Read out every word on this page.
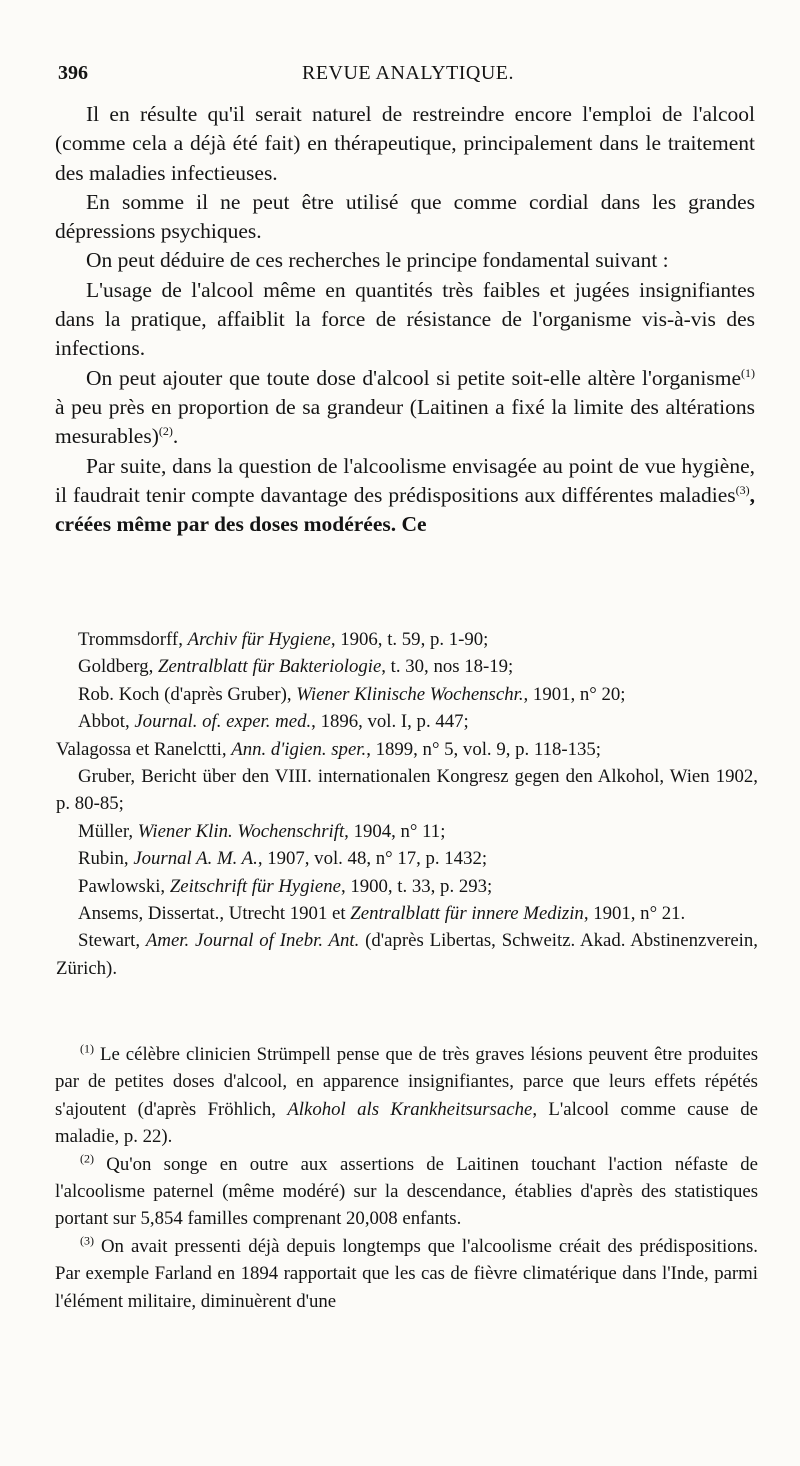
396	REVUE ANALYTIQUE.

Il en résulte qu'il serait naturel de restreindre encore l'emploi de l'alcool (comme cela a déjà été fait) en thérapeutique, principalement dans le traitement des maladies infectieuses.

En somme il ne peut être utilisé que comme cordial dans les grandes dépressions psychiques.

On peut déduire de ces recherches le principe fondamental suivant :

L'usage de l'alcool même en quantités très faibles et jugées insignifiantes dans la pratique, affaiblit la force de résistance de l'organisme vis-à-vis des infections.

On peut ajouter que toute dose d'alcool si petite soit-elle altère l'organisme$^{(1)}$ à peu près en proportion de sa grandeur (Laitinen a fixé la limite des altérations mesurables)$^{(2)}$.

Par suite, dans la question de l'alcoolisme envisagée au point de vue hygiène, il faudrait tenir compte davantage des prédispositions aux différentes maladies$^{(3)}$, créées même par des doses modérées. Ce

Trommsdorff, Archiv für Hygiene, 1906, t. 59, p. 1-90;

Goldberg, Zentralblatt für Bakteriologie, t. 30, nos 18-19;

Rob. Koch (d'après Gruber), Wiener Klinische Wochenschr., 1901, n° 20;

Abbot, Journal. of. exper. med., 1896, vol. I, p. 447;

Valagossa et Ranelctti, Ann. d'igien. sper., 1899, n° 5, vol. 9, p. 118-135;

Gruber, Bericht über den VIII. internationalen Kongresz gegen den Alkohol, Wien 1902, p. 80-85;

Müller, Wiener Klin. Wochenschrift, 1904, n° 11;

Rubin, Journal A. M. A., 1907, vol. 48, n° 17, p. 1432;

Pawlowski, Zeitschrift für Hygiene, 1900, t. 33, p. 293;

Ansems, Dissertat., Utrecht 1901 et Zentralblatt für innere Medizin, 1901, n° 21.

Stewart, Amer. Journal of Inebr. Ant. (d'après Libertas, Schweitz. Akad. Abstinenzverein, Zürich).

$^{(1)}$ Le célèbre clinicien Strümpell pense que de très graves lésions peuvent être produites par de petites doses d'alcool, en apparence insignifiantes, parce que leurs effets répétés s'ajoutent (d'après Fröhlich, Alkohol als Krankheitsursache, L'alcool comme cause de maladie, p. 22).

$^{(2)}$ Qu'on songe en outre aux assertions de Laitinen touchant l'action néfaste de l'alcoolisme paternel (même modéré) sur la descendance, établies d'après des statistiques portant sur 5,854 familles comprenant 20,008 enfants.

$^{(3)}$ On avait pressenti déjà depuis longtemps que l'alcoolisme créait des prédispositions. Par exemple Farland en 1894 rapportait que les cas de fièvre climatérique dans l'Inde, parmi l'élément militaire, diminuèrent d'une
